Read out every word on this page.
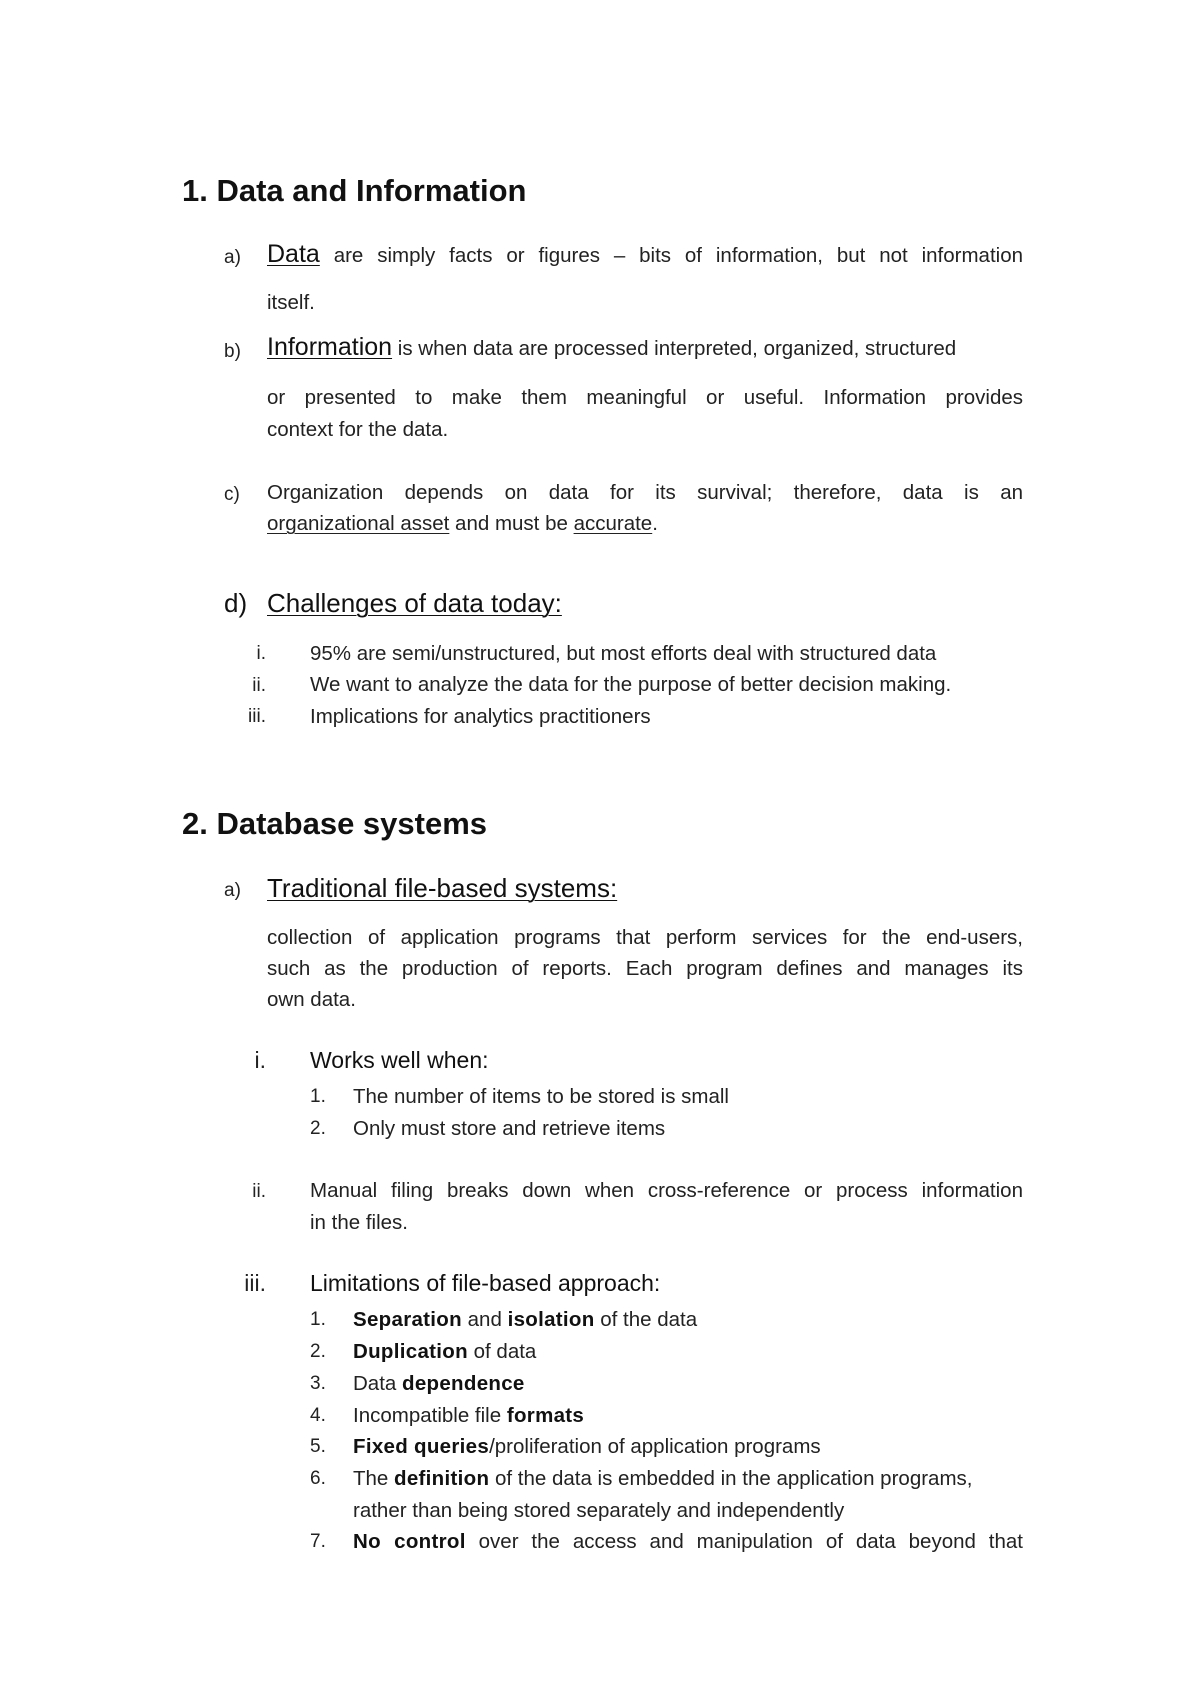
1. Data and Information
a) Data are simply facts or figures – bits of information, but not information
itself.
b) Information is when data are processed interpreted, organized, structured
or presented to make them meaningful or useful. Information provides
context for the data.
c) Organization depends on data for its survival; therefore, data is an
organizational asset and must be accurate.
d) Challenges of data today:
i. 95% are semi/unstructured, but most efforts deal with structured data
ii. We want to analyze the data for the purpose of better decision making.
iii. Implications for analytics practitioners
2. Database systems
a) Traditional file-based systems:
collection of application programs that perform services for the end-users,
such as the production of reports. Each program defines and manages its
own data.
i. Works well when:
1. The number of items to be stored is small
2. Only must store and retrieve items
ii. Manual filing breaks down when cross-reference or process information
in the files.
iii. Limitations of file-based approach:
1. Separation and isolation of the data
2. Duplication of data
3. Data dependence
4. Incompatible file formats
5. Fixed queries/proliferation of application programs
6. The definition of the data is embedded in the application programs,
rather than being stored separately and independently
7. No control over the access and manipulation of data beyond that
